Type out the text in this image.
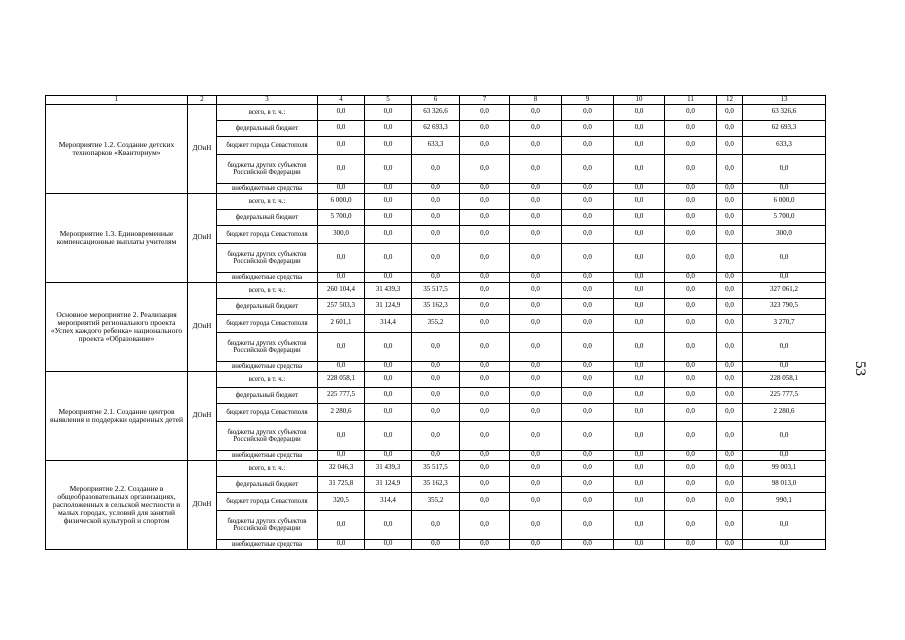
1	2	3	4	5	6	7	8	9	10	11	12	13
Мероприятие 1.2. Создание детских технопарков «Кванториум»	ДОиН	всего, в т. ч.:	0,0	0,0	63 326,6	0,0	0,0	0,0	0,0	0,0	0,0	63 326,6
		федеральный бюджет	0,0	0,0	62 693,3	0,0	0,0	0,0	0,0	0,0	0,0	62 693,3
		бюджет города Севастополя	0,0	0,0	633,3	0,0	0,0	0,0	0,0	0,0	0,0	633,3
		бюджеты других субъектов Российской Федерации	0,0	0,0	0,0	0,0	0,0	0,0	0,0	0,0	0,0	0,0
		внебюджетные средства	0,0	0,0	0,0	0,0	0,0	0,0	0,0	0,0	0,0	0,0
Мероприятие 1.3. Единовременные компенсационные выплаты учителям	ДОиН	всего, в т. ч.:	6 000,0	0,0	0,0	0,0	0,0	0,0	0,0	0,0	0,0	6 000,0
		федеральный бюджет	5 700,0	0,0	0,0	0,0	0,0	0,0	0,0	0,0	0,0	5 700,0
		бюджет города Севастополя	300,0	0,0	0,0	0,0	0,0	0,0	0,0	0,0	0,0	300,0
		бюджеты других субъектов Российской Федерации	0,0	0,0	0,0	0,0	0,0	0,0	0,0	0,0	0,0	0,0
		внебюджетные средства	0,0	0,0	0,0	0,0	0,0	0,0	0,0	0,0	0,0	0,0
Основное мероприятие 2. Реализация мероприятий регионального проекта «Успех каждого ребенка» национального проекта «Образование»	ДОиН	всего, в т. ч.:	260 104,4	31 439,3	35 517,5	0,0	0,0	0,0	0,0	0,0	0,0	327 061,2
		федеральный бюджет	257 503,3	31 124,9	35 162,3	0,0	0,0	0,0	0,0	0,0	0,0	323 790,5
		бюджет города Севастополя	2 601,1	314,4	355,2	0,0	0,0	0,0	0,0	0,0	0,0	3 270,7
		бюджеты других субъектов Российской Федерации	0,0	0,0	0,0	0,0	0,0	0,0	0,0	0,0	0,0	0,0
		внебюджетные средства	0,0	0,0	0,0	0,0	0,0	0,0	0,0	0,0	0,0	0,0
Мероприятие 2.1. Создание центров выявления и поддержки одаренных детей	ДОиН	всего, в т. ч.:	228 058,1	0,0	0,0	0,0	0,0	0,0	0,0	0,0	0,0	228 058,1
		федеральный бюджет	225 777,5	0,0	0,0	0,0	0,0	0,0	0,0	0,0	0,0	225 777,5
		бюджет города Севастополя	2 280,6	0,0	0,0	0,0	0,0	0,0	0,0	0,0	0,0	2 280,6
		бюджеты других субъектов Российской Федерации	0,0	0,0	0,0	0,0	0,0	0,0	0,0	0,0	0,0	0,0
		внебюджетные средства	0,0	0,0	0,0	0,0	0,0	0,0	0,0	0,0	0,0	0,0
Мероприятие 2.2. Создание в общеобразовательных организациях, расположенных в сельской местности и малых городах, условий для занятий физической культурой и спортом	ДОиН	всего, в т. ч.:	32 046,3	31 439,3	35 517,5	0,0	0,0	0,0	0,0	0,0	0,0	99 003,1
		федеральный бюджет	31 725,8	31 124,9	35 162,3	0,0	0,0	0,0	0,0	0,0	0,0	98 013,0
		бюджет города Севастополя	320,5	314,4	355,2	0,0	0,0	0,0	0,0	0,0	0,0	990,1
		бюджеты других субъектов Российской Федерации	0,0	0,0	0,0	0,0	0,0	0,0	0,0	0,0	0,0	0,0
		внебюджетные средства	0,0	0,0	0,0	0,0	0,0	0,0	0,0	0,0	0,0	0,0
53
